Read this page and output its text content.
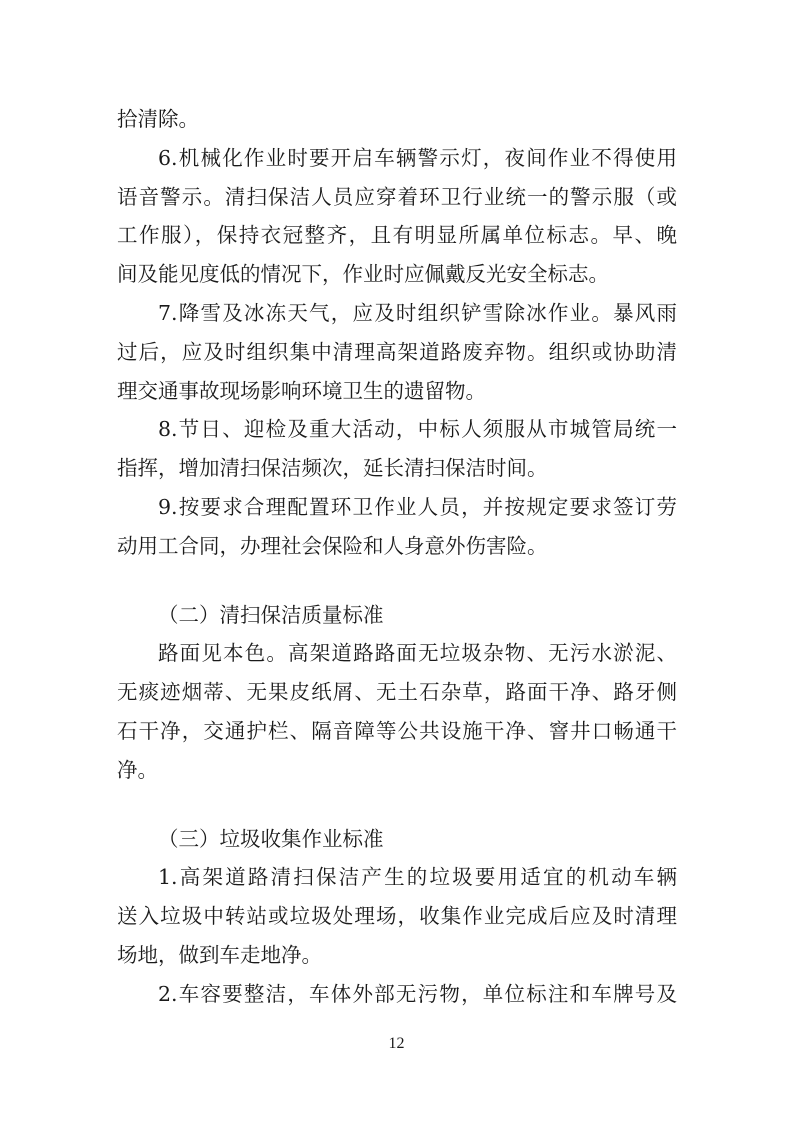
拾清除。
6.机械化作业时要开启车辆警示灯，夜间作业不得使用
语音警示。清扫保洁人员应穿着环卫行业统一的警示服（或
工作服），保持衣冠整齐，且有明显所属单位标志。早、晚
间及能见度低的情况下，作业时应佩戴反光安全标志。
7.降雪及冰冻天气，应及时组织铲雪除冰作业。暴风雨
过后，应及时组织集中清理高架道路废弃物。组织或协助清
理交通事故现场影响环境卫生的遗留物。
8.节日、迎检及重大活动，中标人须服从市城管局统一
指挥，增加清扫保洁频次，延长清扫保洁时间。
9.按要求合理配置环卫作业人员，并按规定要求签订劳
动用工合同，办理社会保险和人身意外伤害险。
（二）清扫保洁质量标准
路面见本色。高架道路路面无垃圾杂物、无污水淤泥、
无痰迹烟蒂、无果皮纸屑、无土石杂草，路面干净、路牙侧
石干净，交通护栏、隔音障等公共设施干净、窨井口畅通干
净。
（三）垃圾收集作业标准
1.高架道路清扫保洁产生的垃圾要用适宜的机动车辆
送入垃圾中转站或垃圾处理场，收集作业完成后应及时清理
场地，做到车走地净。
2.车容要整洁，车体外部无污物，单位标注和车牌号及
12
